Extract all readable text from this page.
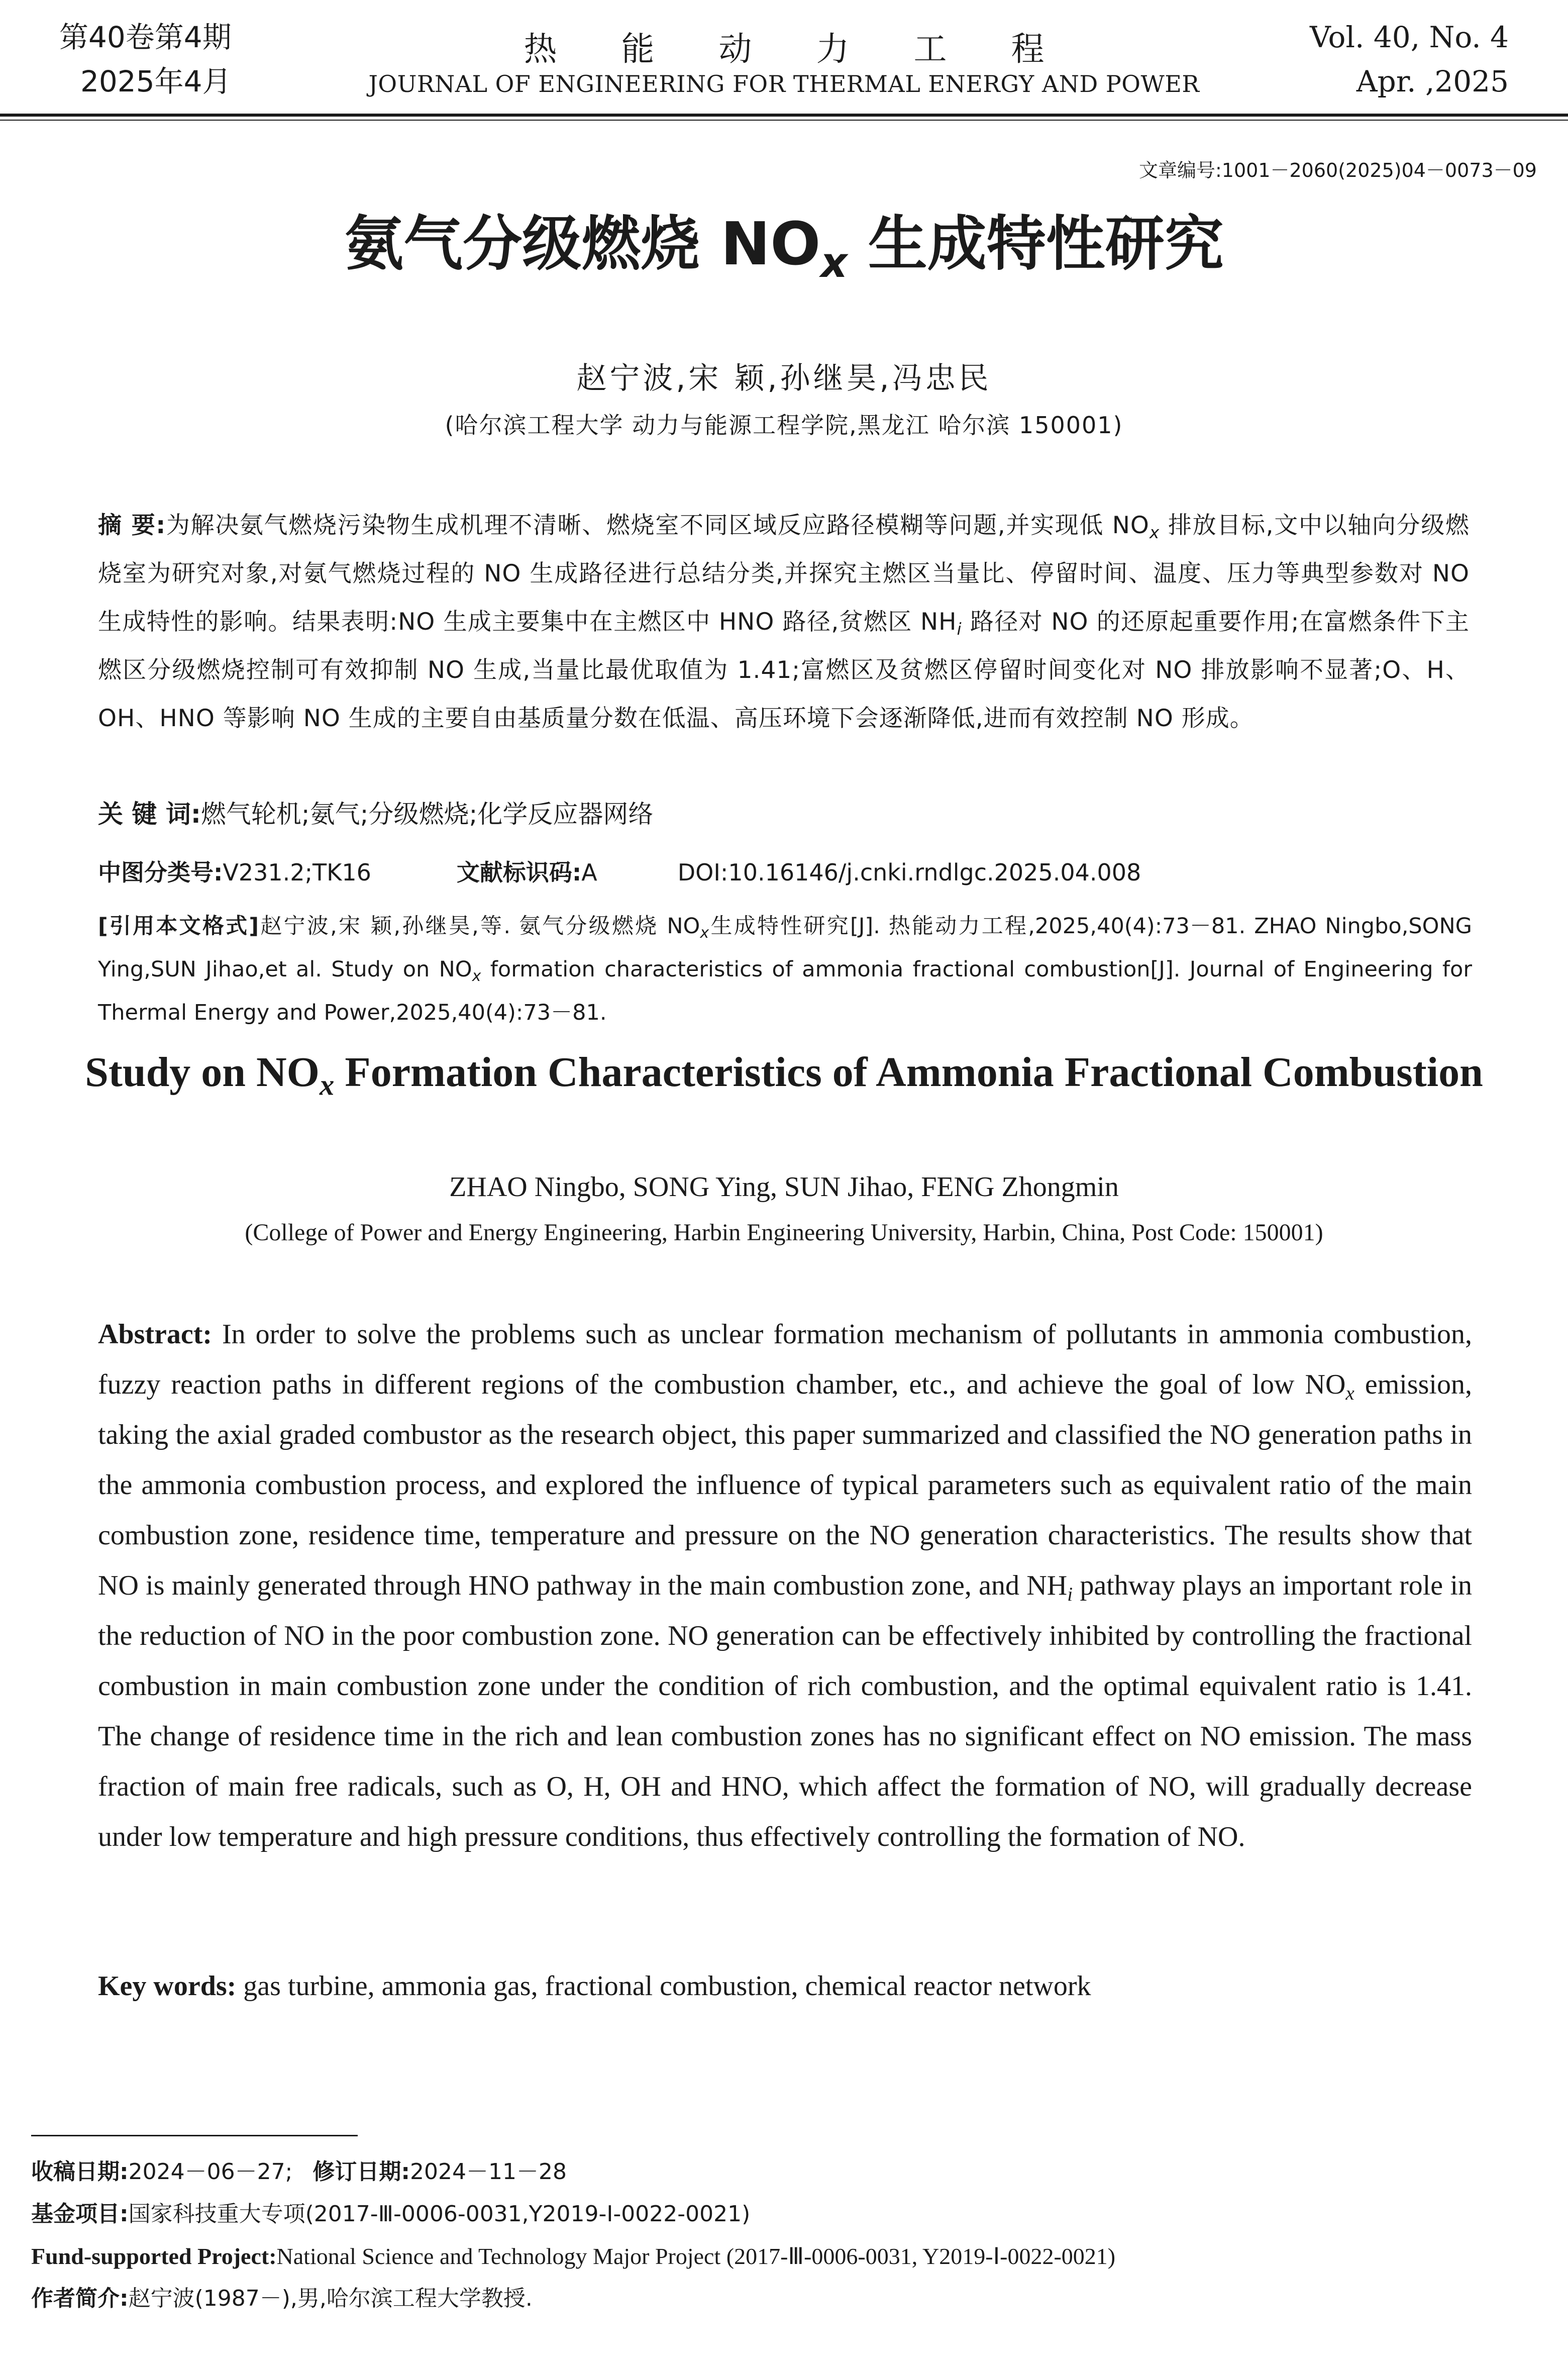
第40卷第4期
2025年4月
热能动力工程
JOURNAL OF ENGINEERING FOR THERMAL ENERGY AND POWER
Vol. 40, No. 4
Apr. ,2025
文章编号:1001－2060(2025)04－0073－09
氨气分级燃烧 $NO_x$ 生成特性研究
赵宁波,宋 颖,孙继昊,冯忠民
(哈尔滨工程大学 动力与能源工程学院,黑龙江 哈尔滨 150001)
摘 要:为解决氨气燃烧污染物生成机理不清晰、燃烧室不同区域反应路径模糊等问题,并实现低 $NO_x$ 排放目标,文中以轴向分级燃烧室为研究对象,对氨气燃烧过程的 NO 生成路径进行总结分类,并探究主燃区当量比、停留时间、温度、压力等典型参数对 NO 生成特性的影响。结果表明:NO 生成主要集中在主燃区中 HNO 路径,贫燃区 $NH_i$ 路径对 NO 的还原起重要作用;在富燃条件下主燃区分级燃烧控制可有效抑制 NO 生成,当量比最优取值为 1.41;富燃区及贫燃区停留时间变化对 NO 排放影响不显著;O、H、OH、HNO 等影响 NO 生成的主要自由基质量分数在低温、高压环境下会逐渐降低,进而有效控制 NO 形成。
关 键 词:燃气轮机;氨气;分级燃烧;化学反应器网络
中图分类号:V231.2;TK16	文献标识码:A	DOI:10.16146/j.cnki.rndlgc.2025.04.008
[引用本文格式]赵宁波,宋 颖,孙继昊,等. 氨气分级燃烧 $NO_x$生成特性研究[J]. 热能动力工程,2025,40(4):73－81. ZHAO Ningbo,SONG Ying,SUN Jihao,et al. Study on $NO_x$ formation characteristics of ammonia fractional combustion[J]. Journal of Engineering for Thermal Energy and Power,2025,40(4):73－81.
Study on $NO_x$ Formation Characteristics of Ammonia Fractional Combustion
ZHAO Ningbo, SONG Ying, SUN Jihao, FENG Zhongmin
(College of Power and Energy Engineering, Harbin Engineering University, Harbin, China, Post Code: 150001)
Abstract: In order to solve the problems such as unclear formation mechanism of pollutants in ammonia combustion, fuzzy reaction paths in different regions of the combustion chamber, etc., and achieve the goal of low $NO_x$ emission, taking the axial graded combustor as the research object, this paper summarized and classified the NO generation paths in the ammonia combustion process, and explored the influence of typical parameters such as equivalent ratio of the main combustion zone, residence time, temperature and pressure on the NO generation characteristics. The results show that NO is mainly generated through HNO pathway in the main combustion zone, and $NH_i$ pathway plays an important role in the reduction of NO in the poor combustion zone. NO generation can be effectively inhibited by controlling the fractional combustion in main combustion zone under the condition of rich combustion, and the optimal equivalent ratio is 1.41. The change of residence time in the rich and lean combustion zones has no significant effect on NO emission. The mass fraction of main free radicals, such as O, H, OH and HNO, which affect the formation of NO, will gradually decrease under low temperature and high pressure conditions, thus effectively controlling the formation of NO.
Key words: gas turbine, ammonia gas, fractional combustion, chemical reactor network
收稿日期:2024－06－27; 修订日期:2024－11－28
基金项目:国家科技重大专项(2017-Ⅲ-0006-0031,Y2019-Ⅰ-0022-0021)
Fund-supported Project:National Science and Technology Major Project (2017-Ⅲ-0006-0031, Y2019-Ⅰ-0022-0021)
作者简介:赵宁波(1987－),男,哈尔滨工程大学教授.
